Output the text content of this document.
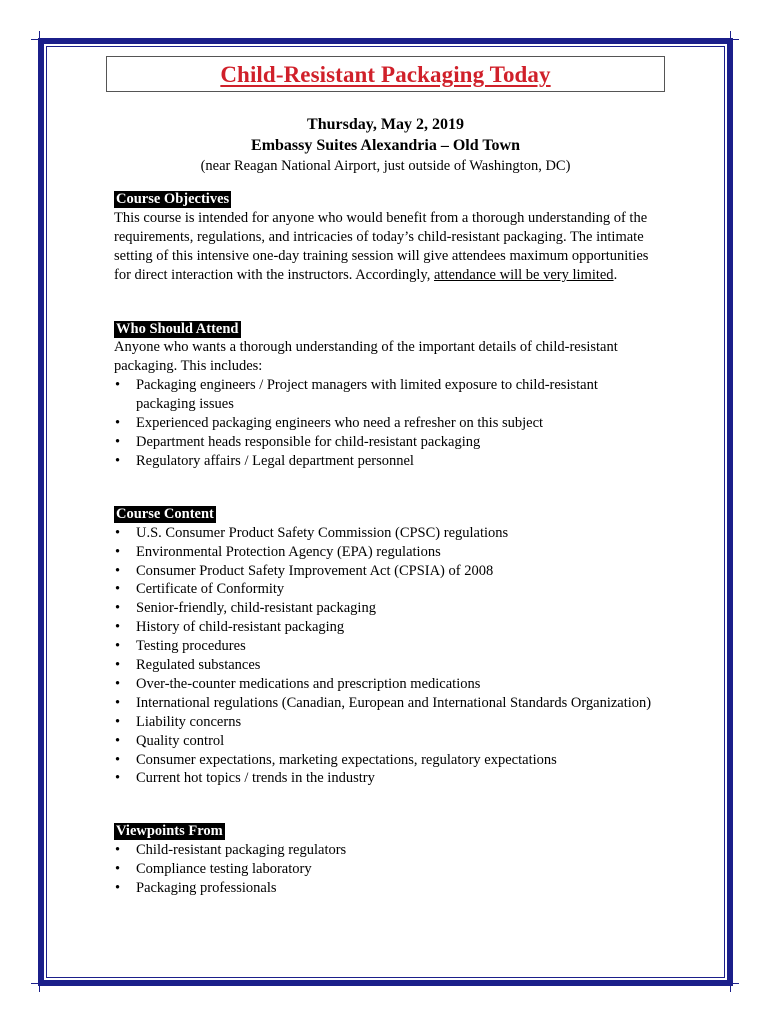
Child-Resistant Packaging Today
Thursday, May 2, 2019
Embassy Suites Alexandria – Old Town
(near Reagan National Airport, just outside of Washington, DC)
Course Objectives

This course is intended for anyone who would benefit from a thorough understanding of the requirements, regulations, and intricacies of today’s child-resistant packaging. The intimate setting of this intensive one-day training session will give attendees maximum opportunities for direct interaction with the instructors. Accordingly, attendance will be very limited.

Who Should Attend

Anyone who wants a thorough understanding of the important details of child-resistant packaging. This includes:

• Packaging engineers / Project managers with limited exposure to child-resistant packaging issues
• Experienced packaging engineers who need a refresher on this subject
• Department heads responsible for child-resistant packaging
• Regulatory affairs / Legal department personnel
Course Content
• U.S. Consumer Product Safety Commission (CPSC) regulations
• Environmental Protection Agency (EPA) regulations
• Consumer Product Safety Improvement Act (CPSIA) of 2008
• Certificate of Conformity
• Senior-friendly, child-resistant packaging
• History of child-resistant packaging
• Testing procedures
• Regulated substances
• Over-the-counter medications and prescription medications
• International regulations (Canadian, European and International Standards Organization)
• Liability concerns
• Quality control
• Consumer expectations, marketing expectations, regulatory expectations
• Current hot topics / trends in the industry
Viewpoints From
• Child-resistant packaging regulators
• Compliance testing laboratory
• Packaging professionals
